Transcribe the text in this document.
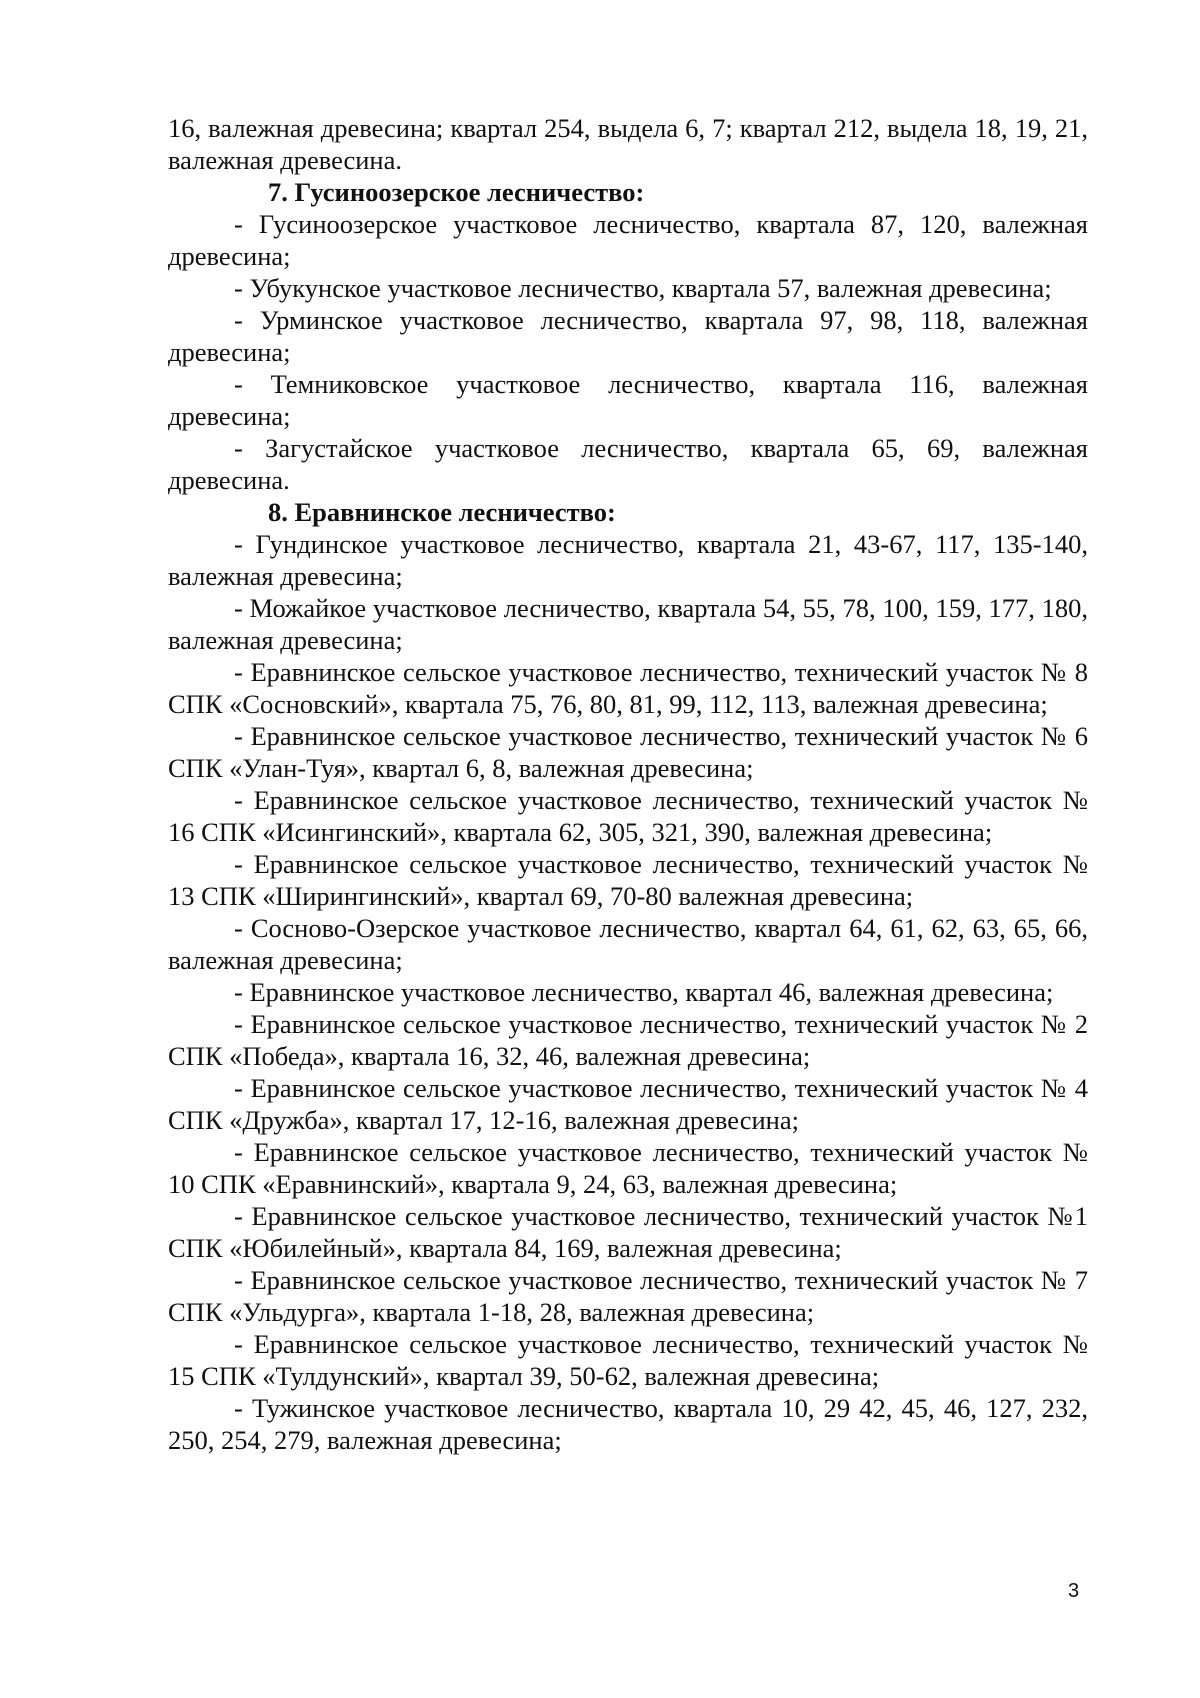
16, валежная древесина; квартал 254, выдела 6, 7; квартал 212, выдела 18, 19, 21, валежная древесина.

7. Гусиноозерское лесничество:

- Гусиноозерское участковое лесничество, квартала 87, 120, валежная древесина;

- Убукунское участковое лесничество, квартала 57, валежная древесина;

- Урминское участковое лесничество, квартала 97, 98, 118, валежная древесина;

- Темниковское участковое лесничество, квартала 116, валежная древесина;

- Загустайское участковое лесничество, квартала 65, 69, валежная древесина.

8. Еравнинское лесничество:

- Гундинское участковое лесничество, квартала 21, 43-67, 117, 135-140, валежная древесина;

- Можайкое участковое лесничество, квартала 54, 55, 78, 100, 159, 177, 180, валежная древесина;

- Еравнинское сельское участковое лесничество, технический участок № 8 СПК «Сосновский», квартала 75, 76, 80, 81, 99, 112, 113, валежная древесина;

- Еравнинское сельское участковое лесничество, технический участок № 6 СПК «Улан-Туя», квартал 6, 8, валежная древесина;

- Еравнинское сельское участковое лесничество, технический участок № 16 СПК «Исингинский», квартала 62, 305, 321, 390, валежная древесина;

- Еравнинское сельское участковое лесничество, технический участок № 13 СПК «Ширингинский», квартал 69, 70-80 валежная древесина;

- Сосново-Озерское участковое лесничество, квартал 64, 61, 62, 63, 65, 66, валежная древесина;

- Еравнинское участковое лесничество, квартал 46, валежная древесина;

- Еравнинское сельское участковое лесничество, технический участок № 2 СПК «Победа», квартала 16, 32, 46, валежная древесина;

- Еравнинское сельское участковое лесничество, технический участок № 4 СПК «Дружба», квартал 17, 12-16, валежная древесина;

- Еравнинское сельское участковое лесничество, технический участок № 10 СПК «Еравнинский», квартала 9, 24, 63, валежная древесина;

- Еравнинское сельское участковое лесничество, технический участок №1 СПК «Юбилейный», квартала 84, 169, валежная древесина;

- Еравнинское сельское участковое лесничество, технический участок № 7 СПК «Ульдурга», квартала 1-18, 28, валежная древесина;

- Еравнинское сельское участковое лесничество, технический участок № 15 СПК «Тулдунский», квартал 39, 50-62, валежная древесина;

- Тужинское участковое лесничество, квартала 10, 29 42, 45, 46, 127, 232, 250, 254, 279, валежная древесина;

3
